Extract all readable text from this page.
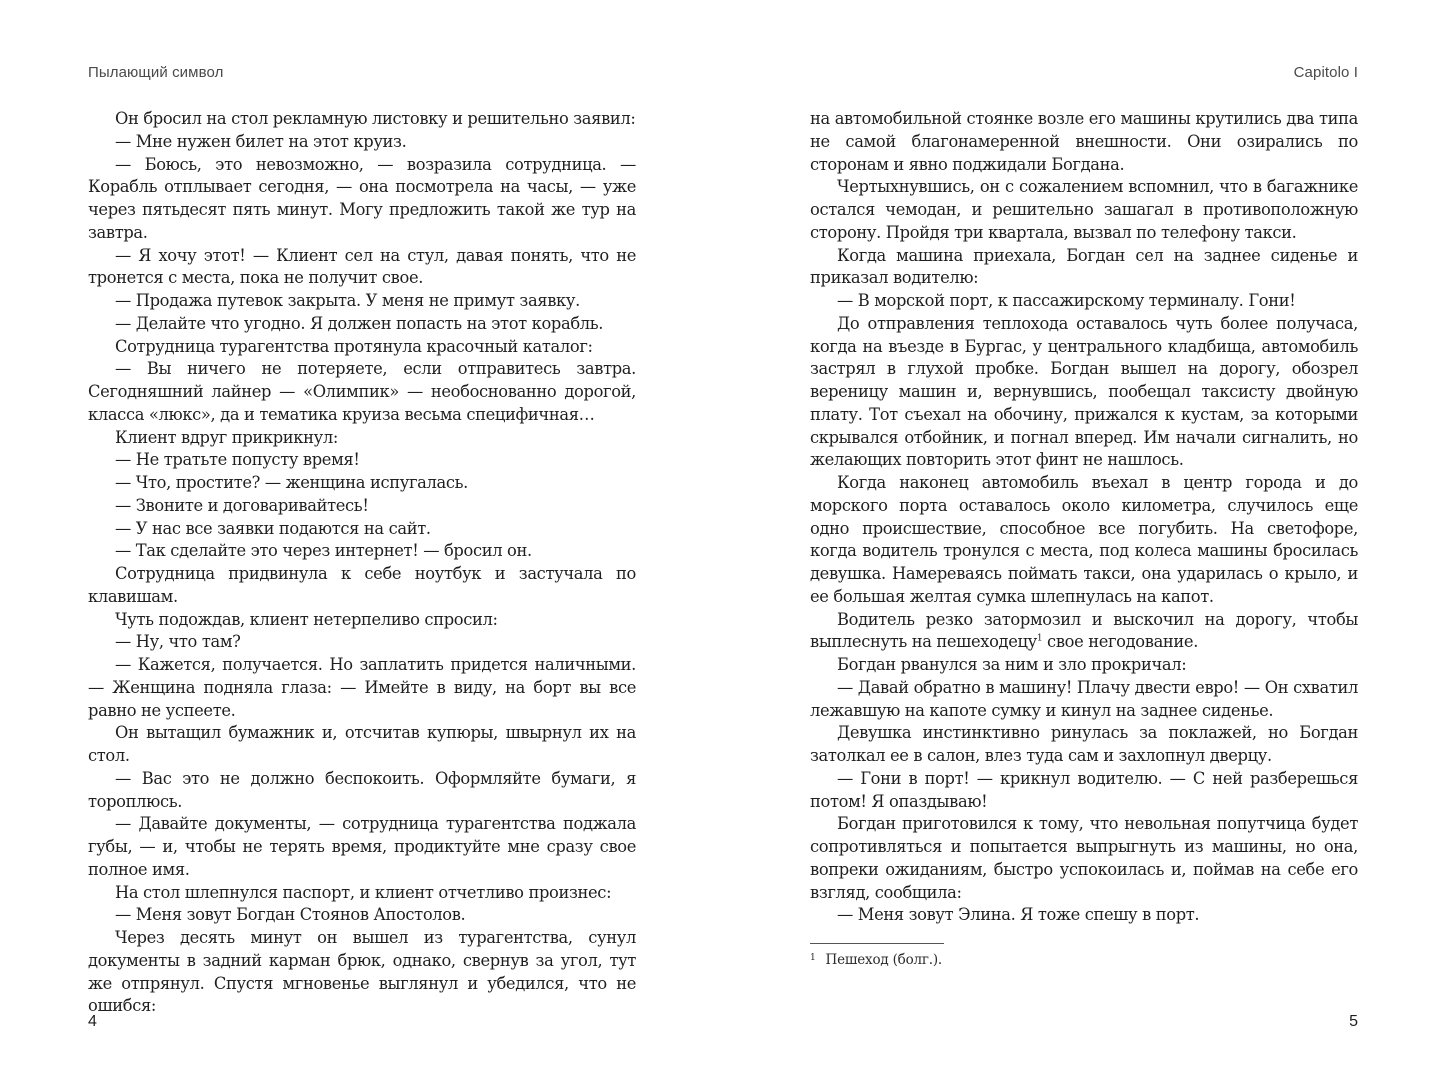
Пылающий символ

Он бросил на стол рекламную листовку и решительно заявил:

— Мне нужен билет на этот круиз.

— Боюсь, это невозможно, — возразила сотрудница. — Корабль отплывает сегодня, — она посмотрела на часы, — уже через пятьдесят пять минут. Могу предложить такой же тур на завтра.

— Я хочу этот! — Клиент сел на стул, давая понять, что не тронется с места, пока не получит свое.

— Продажа путевок закрыта. У меня не примут заявку.

— Делайте что угодно. Я должен попасть на этот корабль.

Сотрудница турагентства протянула красочный каталог:

— Вы ничего не потеряете, если отправитесь завтра. Сегодняшний лайнер — «Олимпик» — необоснованно дорогой, класса «люкс», да и тематика круиза весьма специфичная…

Клиент вдруг прикрикнул:

— Не тратьте попусту время!

— Что, простите? — женщина испугалась.

— Звоните и договаривайтесь!

— У нас все заявки подаются на сайт.

— Так сделайте это через интернет! — бросил он.

Сотрудница придвинула к себе ноутбук и застучала по клавишам.

Чуть подождав, клиент нетерпеливо спросил:

— Ну, что там?

— Кажется, получается. Но заплатить придется наличными. — Женщина подняла глаза: — Имейте в виду, на борт вы все равно не успеете.

Он вытащил бумажник и, отсчитав купюры, швырнул их на стол.

— Вас это не должно беспокоить. Оформляйте бумаги, я тороплюсь.

— Давайте документы, — сотрудница турагентства поджала губы, — и, чтобы не терять время, продиктуйте мне сразу свое полное имя.

На стол шлепнулся паспорт, и клиент отчетливо произнес:

— Меня зовут Богдан Стоянов Апостолов.

Через десять минут он вышел из турагентства, сунул документы в задний карман брюк, однако, свернув за угол, тут же отпрянул. Спустя мгновенье выглянул и убедился, что не ошибся:

4
Capitolo I

на автомобильной стоянке возле его машины крутились два типа не самой благонамеренной внешности. Они озирались по сторонам и явно поджидали Богдана.

Чертыхнувшись, он с сожалением вспомнил, что в багажнике остался чемодан, и решительно зашагал в противоположную сторону. Пройдя три квартала, вызвал по телефону такси.

Когда машина приехала, Богдан сел на заднее сиденье и приказал водителю:

— В морской порт, к пассажирскому терминалу. Гони!

До отправления теплохода оставалось чуть более получаса, когда на въезде в Бургас, у центрального кладбища, автомобиль застрял в глухой пробке. Богдан вышел на дорогу, обозрел вереницу машин и, вернувшись, пообещал таксисту двойную плату. Тот съехал на обочину, прижался к кустам, за которыми скрывался отбойник, и погнал вперед. Им начали сигналить, но желающих повторить этот финт не нашлось.

Когда наконец автомобиль въехал в центр города и до морского порта оставалось около километра, случилось еще одно происшествие, способное все погубить. На светофоре, когда водитель тронулся с места, под колеса машины бросилась девушка. Намереваясь поймать такси, она ударилась о крыло, и ее большая желтая сумка шлепнулась на капот.

Водитель резко затормозил и выскочил на дорогу, чтобы выплеснуть на пешеходецу$^1$ свое негодование.

Богдан рванулся за ним и зло прокричал:

— Давай обратно в машину! Плачу двести евро! — Он схватил лежавшую на капоте сумку и кинул на заднее сиденье.

Девушка инстинктивно ринулась за поклажей, но Богдан затолкал ее в салон, влез туда сам и захлопнул дверцу.

— Гони в порт! — крикнул водителю. — С ней разберешься потом! Я опаздываю!

Богдан приготовился к тому, что невольная попутчица будет сопротивляться и попытается выпрыгнуть из машины, но она, вопреки ожиданиям, быстро успокоилась и, поймав на себе его взгляд, сообщила:

— Меня зовут Элина. Я тоже спешу в порт.

$^1$ Пешеход (болг.).
5
